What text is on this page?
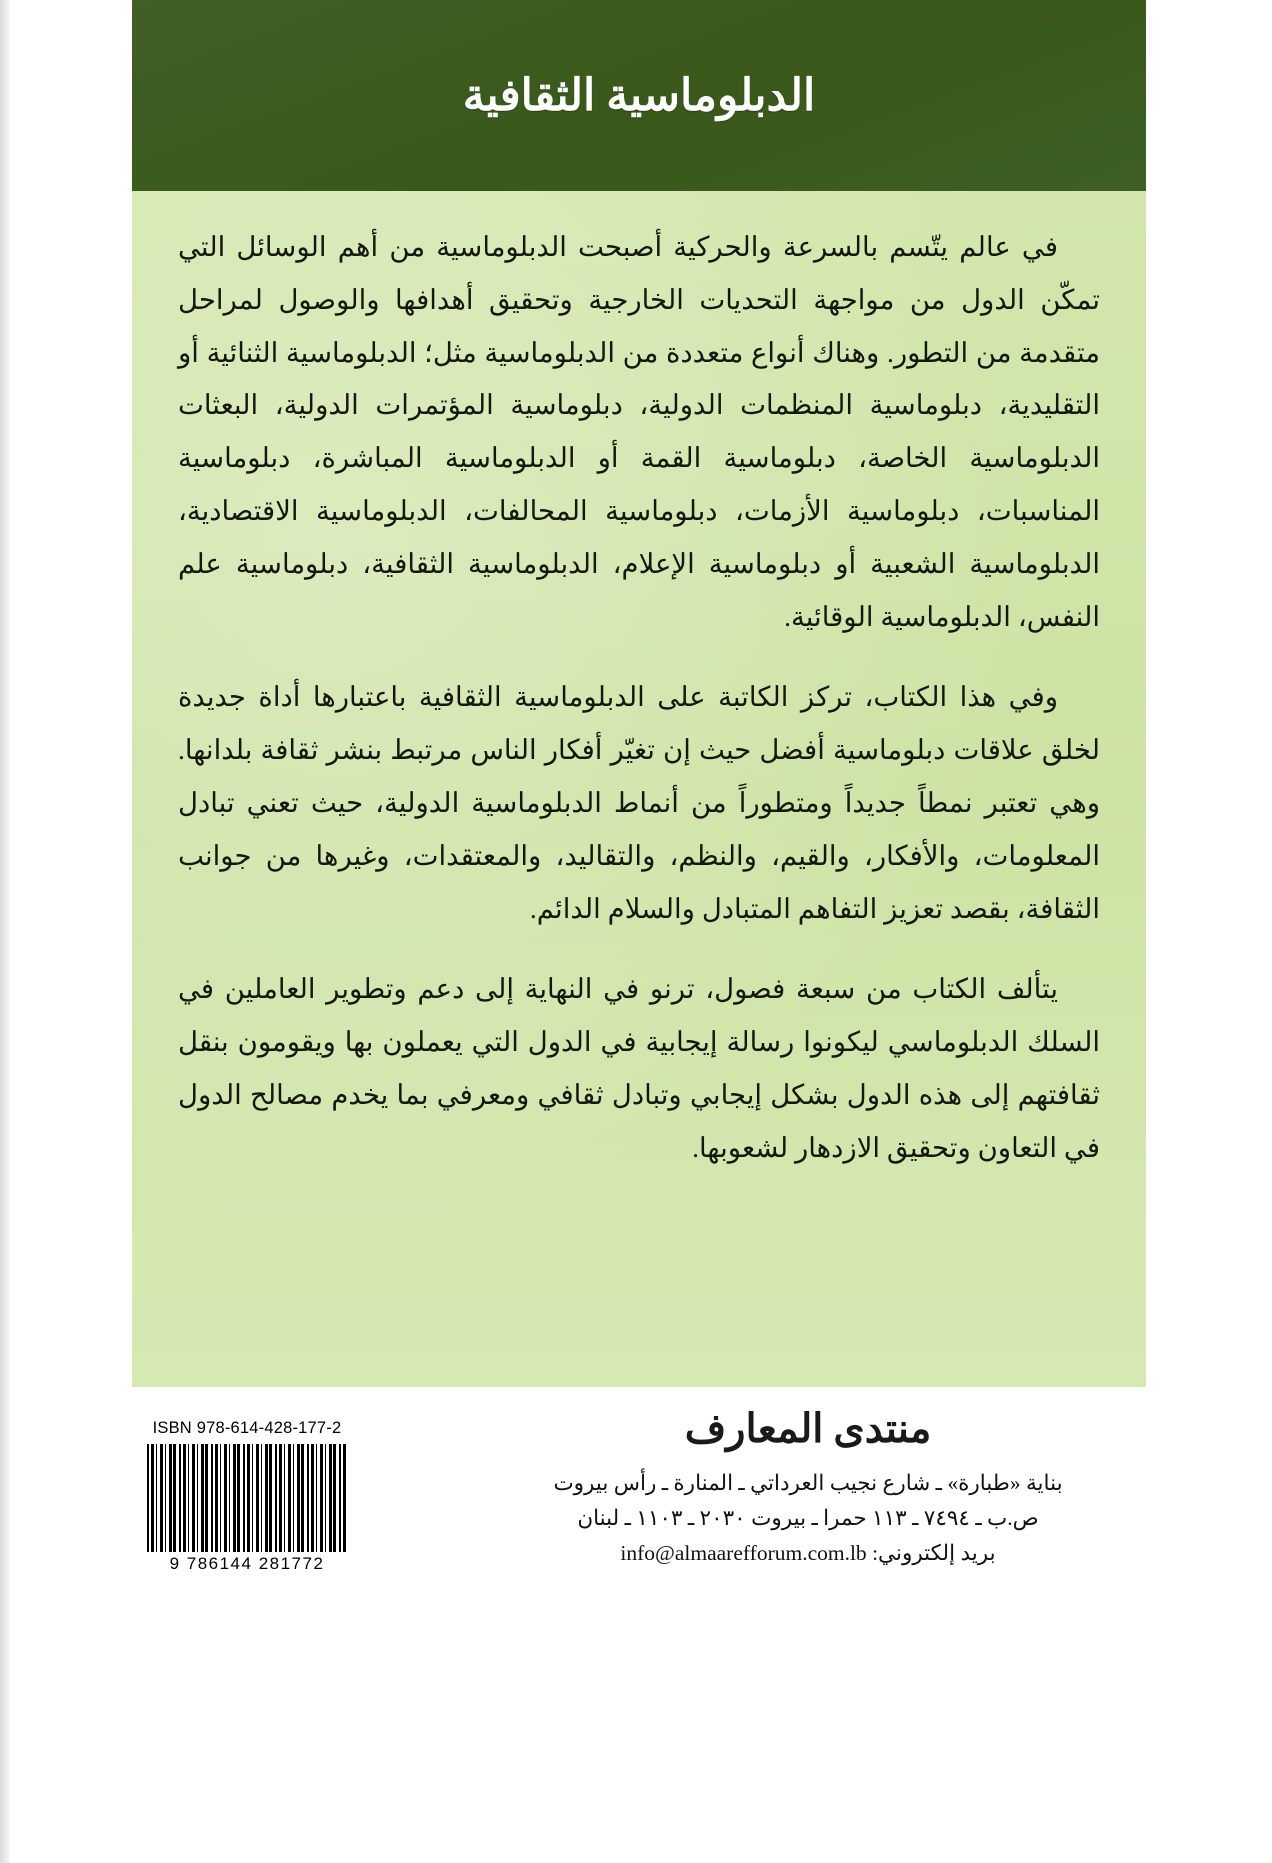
الدبلوماسية الثقافية

في عالم يتّسم بالسرعة والحركية أصبحت الدبلوماسية من أهم الوسائل التي تمكّن الدول من مواجهة التحديات الخارجية وتحقيق أهدافها والوصول لمراحل متقدمة من التطور. وهناك أنواع متعددة من الدبلوماسية مثل؛ الدبلوماسية الثنائية أو التقليدية، دبلوماسية المنظمات الدولية، دبلوماسية المؤتمرات الدولية، البعثات الدبلوماسية الخاصة، دبلوماسية القمة أو الدبلوماسية المباشرة، دبلوماسية المناسبات، دبلوماسية الأزمات، دبلوماسية المحالفات، الدبلوماسية الاقتصادية، الدبلوماسية الشعبية أو دبلوماسية الإعلام، الدبلوماسية الثقافية، دبلوماسية علم النفس، الدبلوماسية الوقائية.

وفي هذا الكتاب، تركز الكاتبة على الدبلوماسية الثقافية باعتبارها أداة جديدة لخلق علاقات دبلوماسية أفضل حيث إن تغيّر أفكار الناس مرتبط بنشر ثقافة بلدانها. وهي تعتبر نمطاً جديداً ومتطوراً من أنماط الدبلوماسية الدولية، حيث تعني تبادل المعلومات، والأفكار، والقيم، والنظم، والتقاليد، والمعتقدات، وغيرها من جوانب الثقافة، بقصد تعزيز التفاهم المتبادل والسلام الدائم.

يتألف الكتاب من سبعة فصول، ترنو في النهاية إلى دعم وتطوير العاملين في السلك الدبلوماسي ليكونوا رسالة إيجابية في الدول التي يعملون بها ويقومون بنقل ثقافتهم إلى هذه الدول بشكل إيجابي وتبادل ثقافي ومعرفي بما يخدم مصالح الدول في التعاون وتحقيق الازدهار لشعوبها.

ISBN 978-614-428-177-2
9 786144 281772
منتدى المعارف
بناية «طبارة» ـ شارع نجيب العرداتي ـ المنارة ـ رأس بيروت
ص.ب ـ ٧٤٩٤ ـ ١١٣ حمرا ـ بيروت ٢٠٣٠ ـ ١١٠٣ ـ لبنان
بريد إلكتروني: info@almaarefforum.com.lb
